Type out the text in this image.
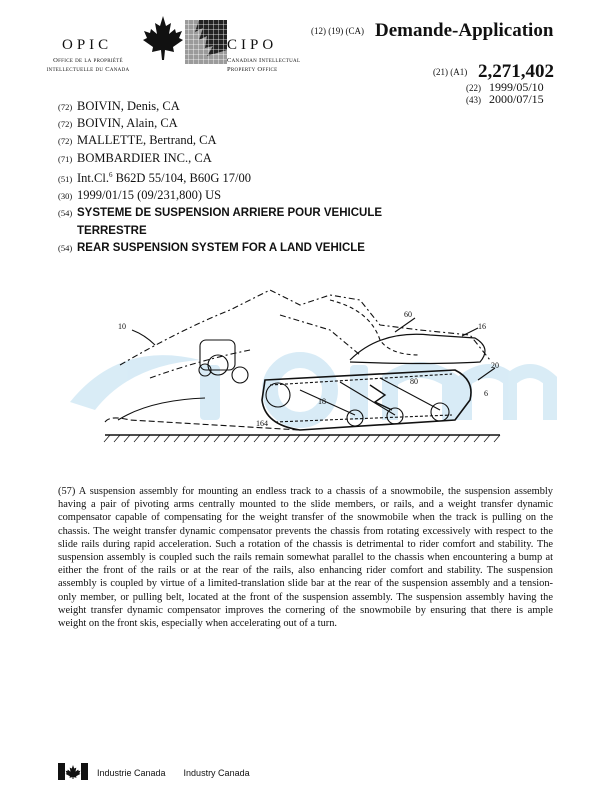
OPIC	CIPO
Office de la propriété
intellectuelle du Canada
Canadian Intellectual
Property Office
(12) (19) (CA) Demande-Application
(21) (A1) 2,271,402
(22) 1999/05/10
(43) 2000/07/15
(72) BOIVIN, Denis, CA
(72) BOIVIN, Alain, CA
(72) MALLETTE, Bertrand, CA
(71) BOMBARDIER INC., CA
(51) Int.Cl.$^6$ B62D 55/104, B60G 17/00
(30) 1999/01/15 (09/231,800) US
(54) SYSTEME DE SUSPENSION ARRIERE POUR VEHICULE
TERRESTRE
(54) REAR SUSPENSION SYSTEM FOR A LAND VEHICLE
10
60
16
20
80
18
6
164
(57) A suspension assembly for mounting an endless track to a chassis of a snowmobile, the suspension assembly having a pair of pivoting arms centrally mounted to the slide members, or rails, and a weight transfer dynamic compensator capable of compensating for the weight transfer of the snowmobile when the track is pulling on the chassis. The weight transfer dynamic compensator prevents the chassis from rotating excessively with respect to the slide rails during rapid acceleration. Such a rotation of the chassis is detrimental to rider comfort and stability. The suspension assembly is coupled such the rails remain somewhat parallel to the chassis when encountering a bump at either the front of the rails or at the rear of the rails, also enhancing rider comfort and stability. The suspension assembly is coupled by virtue of a limited-translation slide bar at the rear of the suspension assembly and a tension-only member, or pulling belt, located at the front of the suspension assembly. The suspension assembly having the weight transfer dynamic compensator improves the cornering of the snowmobile by ensuring that there is ample weight on the front skis, especially when accelerating out of a turn.
Industrie Canada Industry Canada
